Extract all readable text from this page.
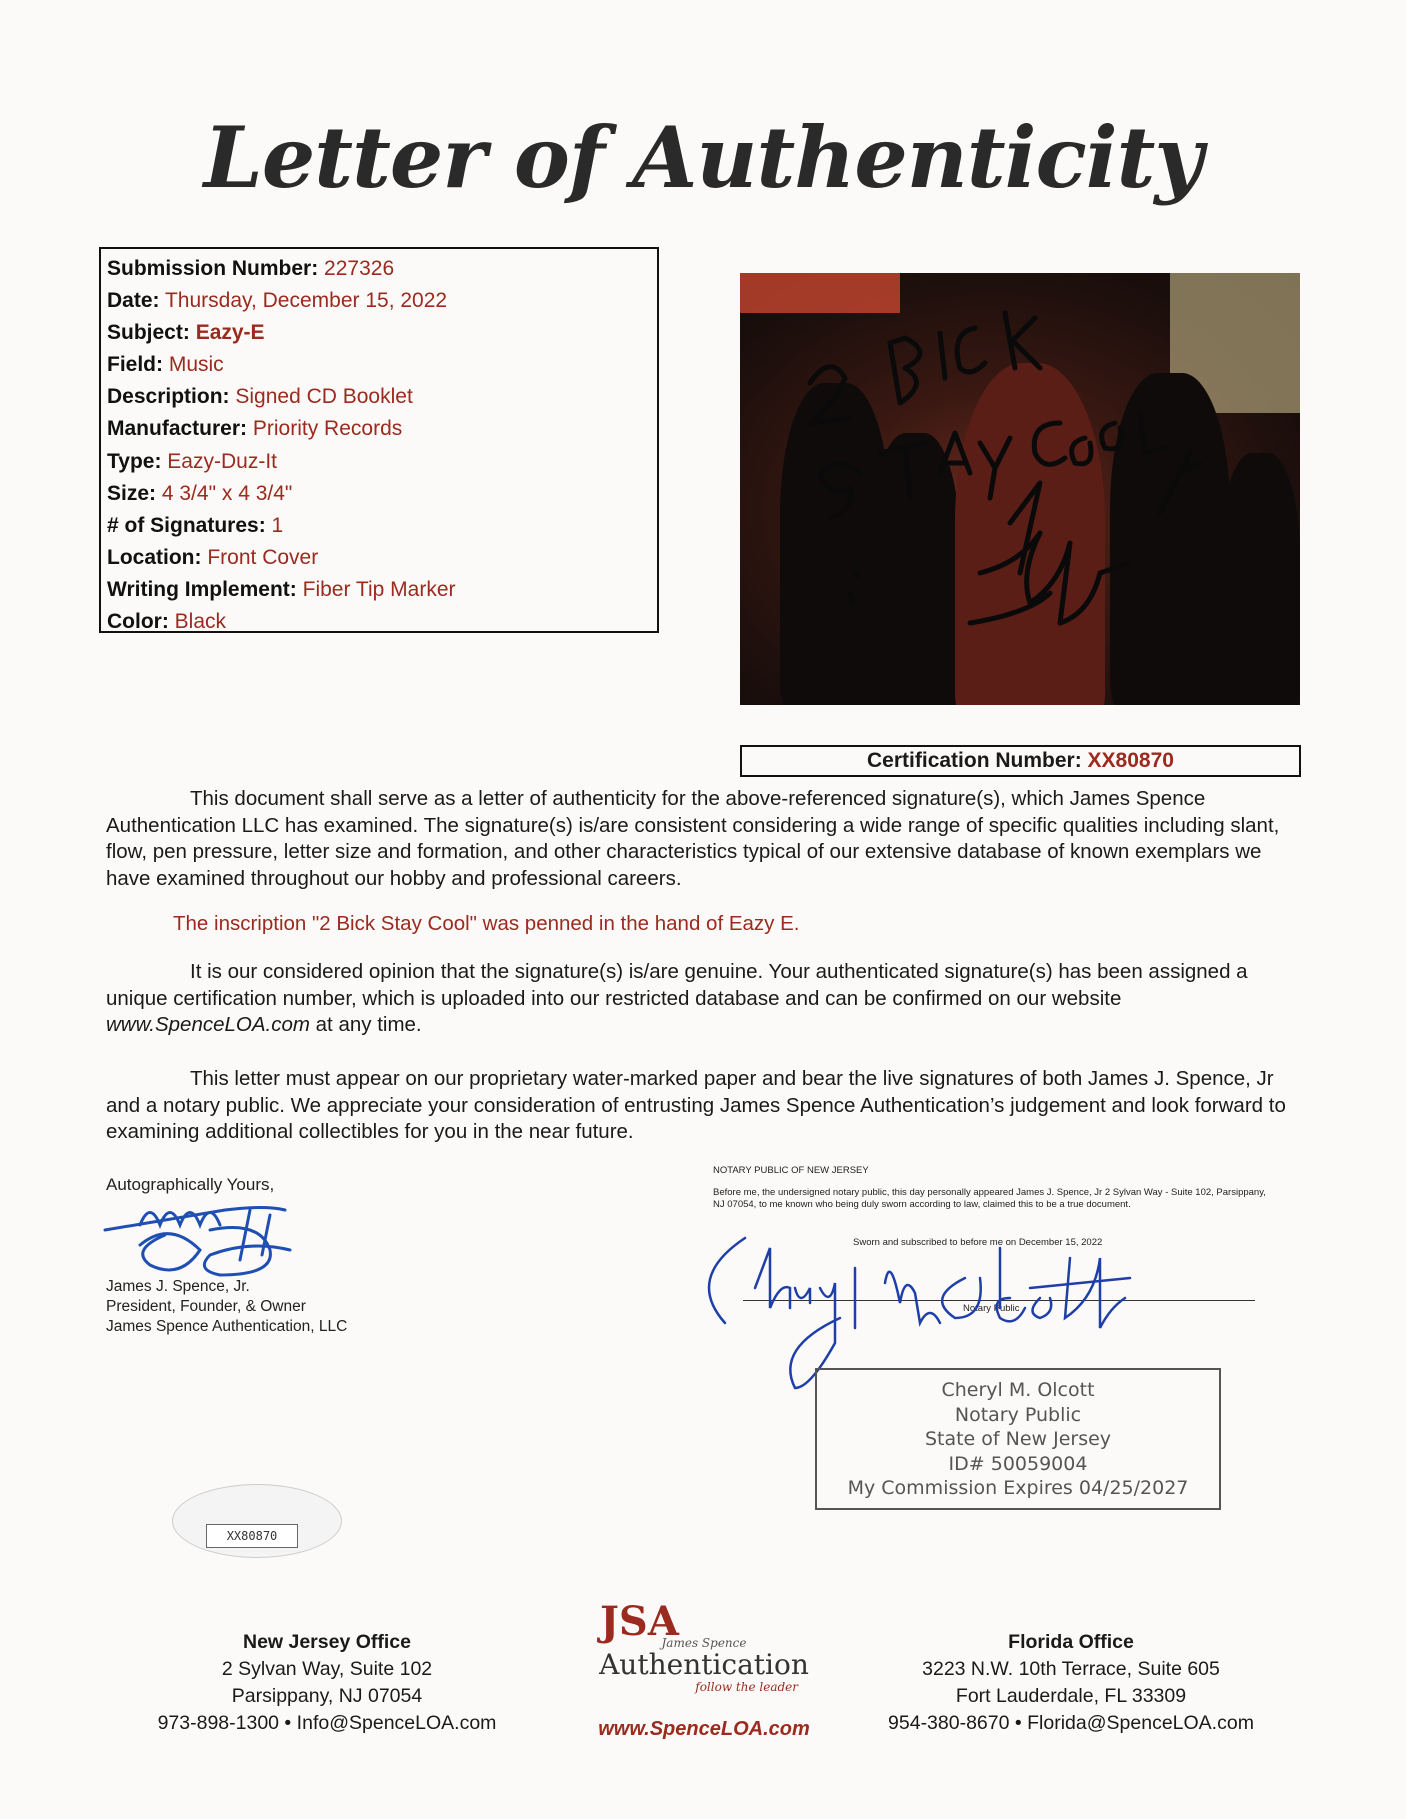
Letter of Authenticity
Submission Number: 227326
Date: Thursday, December 15, 2022
Subject: Eazy-E
Field: Music
Description: Signed CD Booklet
Manufacturer: Priority Records
Type: Eazy-Duz-It
Size: 4 3/4" x 4 3/4"
# of Signatures: 1
Location: Front Cover
Writing Implement: Fiber Tip Marker
Color: Black
Certification Number: XX80870
This document shall serve as a letter of authenticity for the above-referenced signature(s), which James Spence Authentication LLC has examined. The signature(s) is/are consistent considering a wide range of specific qualities including slant, flow, pen pressure, letter size and formation, and other characteristics typical of our extensive database of known exemplars we have examined throughout our hobby and professional careers.
The inscription "2 Bick Stay Cool" was penned in the hand of Eazy E.
It is our considered opinion that the signature(s) is/are genuine. Your authenticated signature(s) has been assigned a unique certification number, which is uploaded into our restricted database and can be confirmed on our website www.SpenceLOA.com at any time.
This letter must appear on our proprietary water-marked paper and bear the live signatures of both James J. Spence, Jr and a notary public. We appreciate your consideration of entrusting James Spence Authentication’s judgement and look forward to examining additional collectibles for you in the near future.
Autographically Yours,
James J. Spence, Jr.
President, Founder, & Owner
James Spence Authentication, LLC
NOTARY PUBLIC OF NEW JERSEY
Before me, the undersigned notary public, this day personally appeared James J. Spence, Jr 2 Sylvan Way - Suite 102, Parsippany, NJ 07054, to me known who being duly sworn according to law, claimed this to be a true document.
Sworn and subscribed to before me on December 15, 2022
Notary Public
Cheryl M. Olcott
Notary Public
State of New Jersey
ID# 50059004
My Commission Expires 04/25/2027
XX80870
New Jersey Office
2 Sylvan Way, Suite 102
Parsippany, NJ 07054
973-898-1300 • Info@SpenceLOA.com
JSA
James Spence
Authentication
follow the leader
www.SpenceLOA.com
Florida Office
3223 N.W. 10th Terrace, Suite 605
Fort Lauderdale, FL 33309
954-380-8670 • Florida@SpenceLOA.com
